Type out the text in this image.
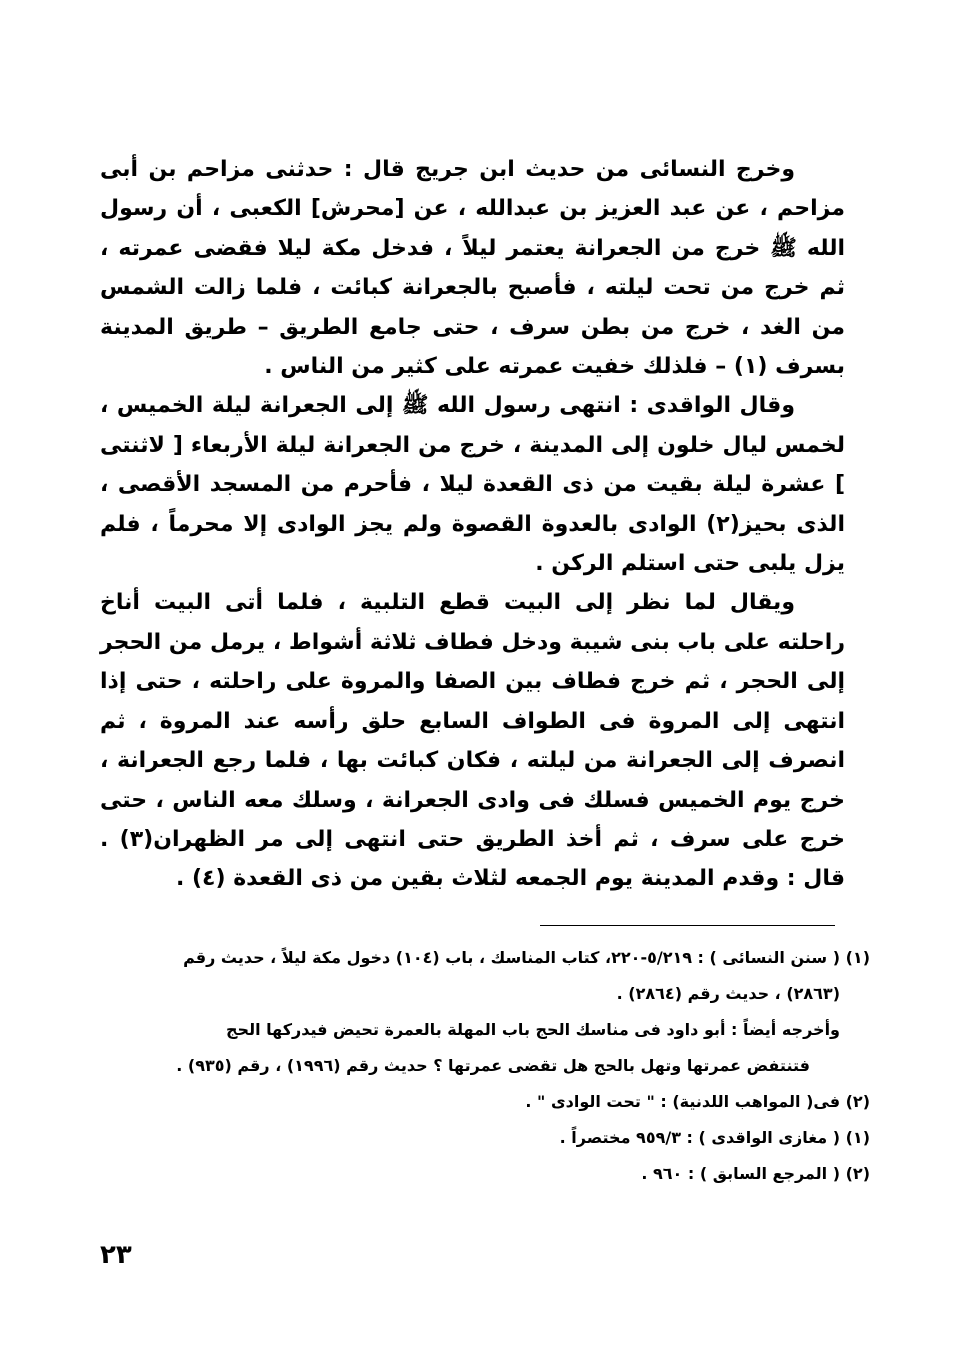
وخرج النسائى من حديث ابن جريج قال : حدثنى مزاحم بن أبى مزاحم ، عن عبد العزيز بن عبدالله ، عن [محرش] الكعبى ، أن رسول الله ﷺ خرج من الجعرانة يعتمر ليلاً ، فدخل مكة ليلا فقضى عمرته ، ثم خرج من تحت ليلته ، فأصبح بالجعرانة كبائت ، فلما زالت الشمس من الغد ، خرج من بطن سرف ، حتى جامع الطريق – طريق المدينة بسرف (١) – فلذلك خفيت عمرته على كثير من الناس .

وقال الواقدى : انتهى رسول الله ﷺ إلى الجعرانة ليلة الخميس ، لخمس ليال خلون إلى المدينة ، خرج من الجعرانة ليلة الأربعاء [ لاثنتى ] عشرة ليلة بقيت من ذى القعدة ليلا ، فأحرم من المسجد الأقصى ، الذى بحيز(٢) الوادى بالعدوة القصوة ولم يجز الوادى إلا محرماً ، فلم يزل يلبى حتى استلم الركن .

ويقال لما نظر إلى البيت قطع التلبية ، فلما أتى البيت أناخ راحلته على باب بنى شيبة ودخل فطاف ثلاثة أشواط ، يرمل من الحجر إلى الحجر ، ثم خرج فطاف بين الصفا والمروة على راحلته ، حتى إذا انتهى إلى المروة فى الطواف السابع حلق رأسه عند المروة ، ثم انصرف إلى الجعرانة من ليلته ، فكان كبائت بها ، فلما رجع الجعرانة ، خرج يوم الخميس فسلك فى وادى الجعرانة ، وسلك معه الناس ، حتى خرج على سرف ، ثم أخذ الطريق حتى انتهى إلى مر الظهران(٣) . قال : وقدم المدينة يوم الجمعه لثلاث بقين من ذى القعدة (٤) .

(١) ( سنن النسائى ) : ٥/٢١٩-٢٢٠، كتاب المناسك ، باب (١٠٤) دخول مكة ليلاً ، حديث رقم

(٢٨٦٣) ، حديث رقم (٢٨٦٤) .

وأخرجه أيضاً : أبو داود فى مناسك الحج باب المهلة بالعمرة تحيض فيدركها الحج

فتنتفض عمرتها وتهل بالحج هل تقضى عمرتها ؟ حديث رقم (١٩٩٦) ، رقم (٩٣٥) .

(٢) فى( المواهب اللدنية) : " تحت الوادى " .

(١) ( مغازى الواقدى ) : ٩٥٩/٣ مختصراً .

(٢) ( المرجع السابق ) : ٩٦٠ .

٢٣
